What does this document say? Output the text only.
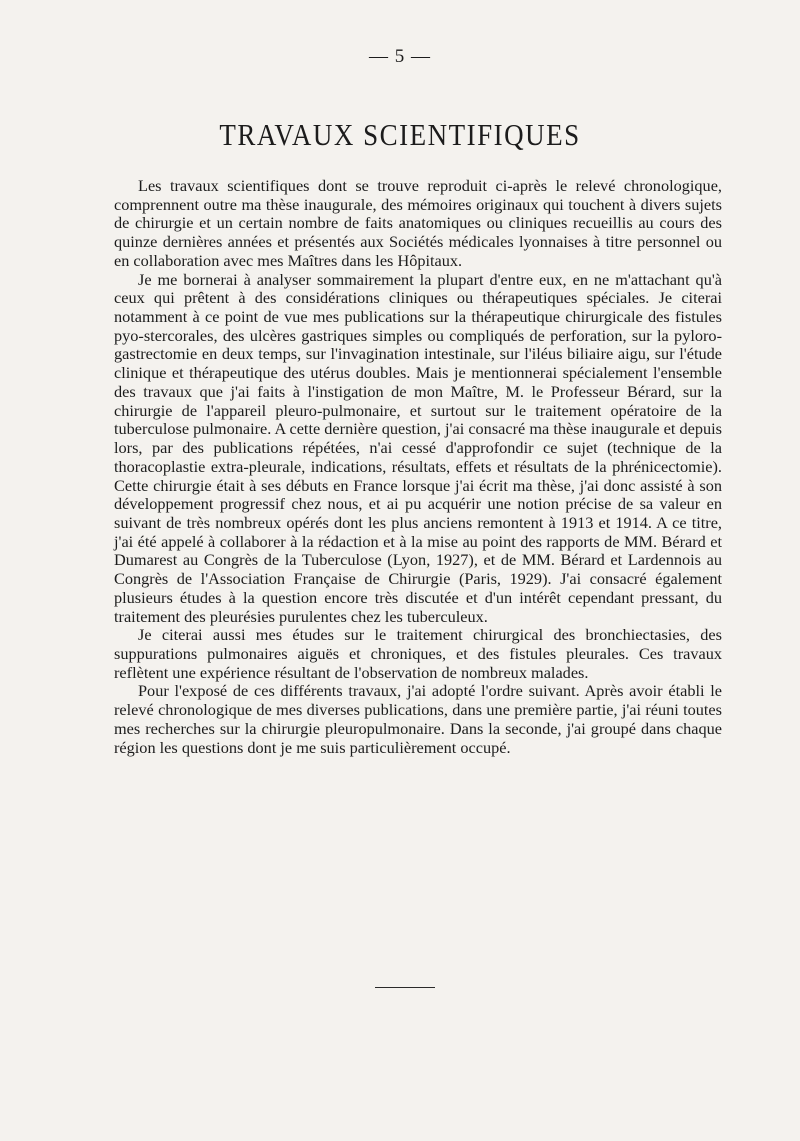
— 5 —
TRAVAUX SCIENTIFIQUES

Les travaux scientifiques dont se trouve reproduit ci-après le relevé chronologique, comprennent outre ma thèse inaugurale, des mémoires originaux qui touchent à divers sujets de chirurgie et un certain nombre de faits anatomiques ou cliniques recueillis au cours des quinze dernières années et présentés aux Sociétés médicales lyonnaises à titre personnel ou en collaboration avec mes Maîtres dans les Hôpitaux.

Je me bornerai à analyser sommairement la plupart d'entre eux, en ne m'attachant qu'à ceux qui prêtent à des considérations cliniques ou thérapeutiques spéciales. Je citerai notamment à ce point de vue mes publications sur la thérapeutique chirurgicale des fistules pyo-stercorales, des ulcères gastriques simples ou compliqués de perforation, sur la pyloro-gastrectomie en deux temps, sur l'invagination intestinale, sur l'iléus biliaire aigu, sur l'étude clinique et thérapeutique des utérus doubles. Mais je mentionnerai spécialement l'ensemble des travaux que j'ai faits à l'instigation de mon Maître, M. le Professeur Bérard, sur la chirurgie de l'appareil pleuro-pulmonaire, et surtout sur le traitement opératoire de la tuberculose pulmonaire. A cette dernière question, j'ai consacré ma thèse inaugurale et depuis lors, par des publications répétées, n'ai cessé d'approfondir ce sujet (technique de la thoracoplastie extra-pleurale, indications, résultats, effets et résultats de la phrénicectomie). Cette chirurgie était à ses débuts en France lorsque j'ai écrit ma thèse, j'ai donc assisté à son développement progressif chez nous, et ai pu acquérir une notion précise de sa valeur en suivant de très nombreux opérés dont les plus anciens remontent à 1913 et 1914. A ce titre, j'ai été appelé à collaborer à la rédaction et à la mise au point des rapports de MM. Bérard et Dumarest au Congrès de la Tuberculose (Lyon, 1927), et de MM. Bérard et Lardennois au Congrès de l'Association Française de Chirurgie (Paris, 1929). J'ai consacré également plusieurs études à la question encore très discutée et d'un intérêt cependant pressant, du traitement des pleurésies purulentes chez les tuberculeux.

Je citerai aussi mes études sur le traitement chirurgical des bronchiectasies, des suppurations pulmonaires aiguës et chroniques, et des fistules pleurales. Ces travaux reflètent une expérience résultant de l'observation de nombreux malades.

Pour l'exposé de ces différents travaux, j'ai adopté l'ordre suivant. Après avoir établi le relevé chronologique de mes diverses publications, dans une première partie, j'ai réuni toutes mes recherches sur la chirurgie pleuropulmonaire. Dans la seconde, j'ai groupé dans chaque région les questions dont je me suis particulièrement occupé.
